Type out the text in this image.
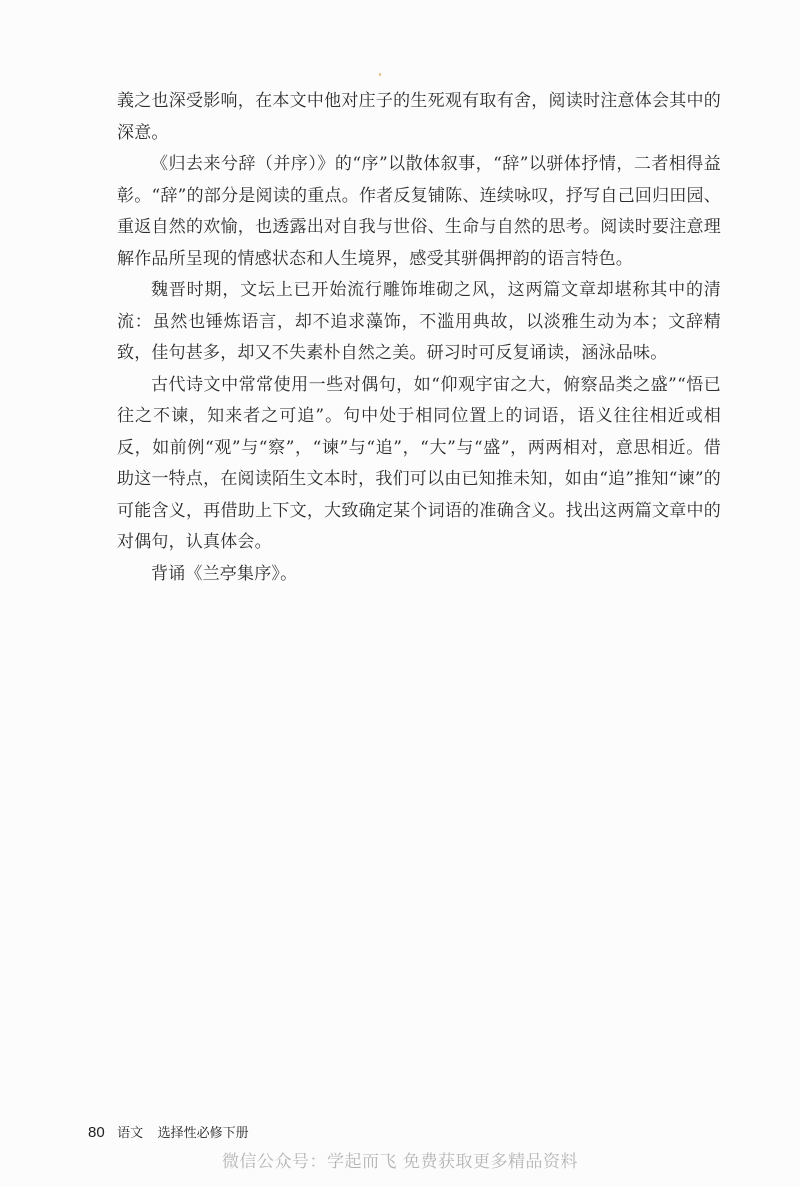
義之也深受影响，在本文中他对庄子的生死观有取有舍，阅读时注意体会其中的深意。

《归去来兮辞（并序）》的“序”以散体叙事，“辞”以骈体抒情，二者相得益彰。“辞”的部分是阅读的重点。作者反复铺陈、连续咏叹，抒写自己回归田园、重返自然的欢愉，也透露出对自我与世俗、生命与自然的思考。阅读时要注意理解作品所呈现的情感状态和人生境界，感受其骈偶押韵的语言特色。

魏晋时期，文坛上已开始流行雕饰堆砌之风，这两篇文章却堪称其中的清流：虽然也锤炼语言，却不追求藻饰，不滥用典故，以淡雅生动为本；文辞精致，佳句甚多，却又不失素朴自然之美。研习时可反复诵读，涵泳品味。

古代诗文中常常使用一些对偶句，如“仰观宇宙之大，俯察品类之盛”“悟已往之不谏，知来者之可追”。句中处于相同位置上的词语，语义往往相近或相反，如前例“观”与“察”，“谏”与“追”，“大”与“盛”，两两相对，意思相近。借助这一特点，在阅读陌生文本时，我们可以由已知推未知，如由“追”推知“谏”的可能含义，再借助上下文，大致确定某个词语的准确含义。找出这两篇文章中的对偶句，认真体会。

背诵《兰亭集序》。

80 语文 选择性必修下册
微信公众号：学起而飞 免费获取更多精品资料
